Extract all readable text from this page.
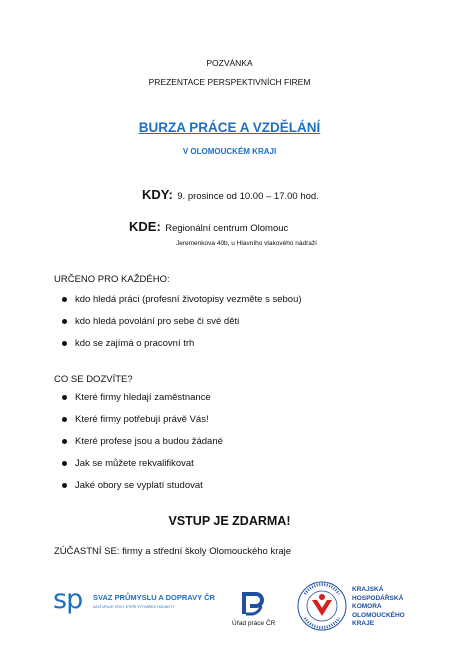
POZVÁNKA
PREZENTACE PERSPEKTIVNÍCH FIREM
BURZA PRÁCE A VZDĚLÁNÍ
V OLOMOUCKÉM KRAJI
KDY: 9. prosince od 10.00 – 17.00 hod.
KDE: Regionální centrum Olomouc
Jeremenkova 40b, u Hlavního vlakového nádraží
URČENO PRO KAŽDÉHO:
kdo hledá práci (profesní životopisy vezměte s sebou)
kdo hledá povolání pro sebe či své děti
kdo se zajímá o pracovní trh
CO SE DOZVÍTE?
Které firmy hledají zaměstnance
Které firmy potřebují právě Vás!
Které profese jsou a budou žádané
Jak se můžete rekvalifikovat
Jaké obory se vyplatí studovat
VSTUP JE ZDARMA!
ZÚČASTNÍ SE: firmy a střední školy Olomouckého kraje
sp SVAZ PRŮMYSLU A DOPRAVY ČR
ZASTUPUJE TÉCH, KTEŘÍ VYTVÁŘEJÍ HODNOTY
Úřad práce ČR
KRAJSKÁ
HOSPODÁŘSKÁ
KOMORA
OLOMOUCKÉHO
KRAJE
